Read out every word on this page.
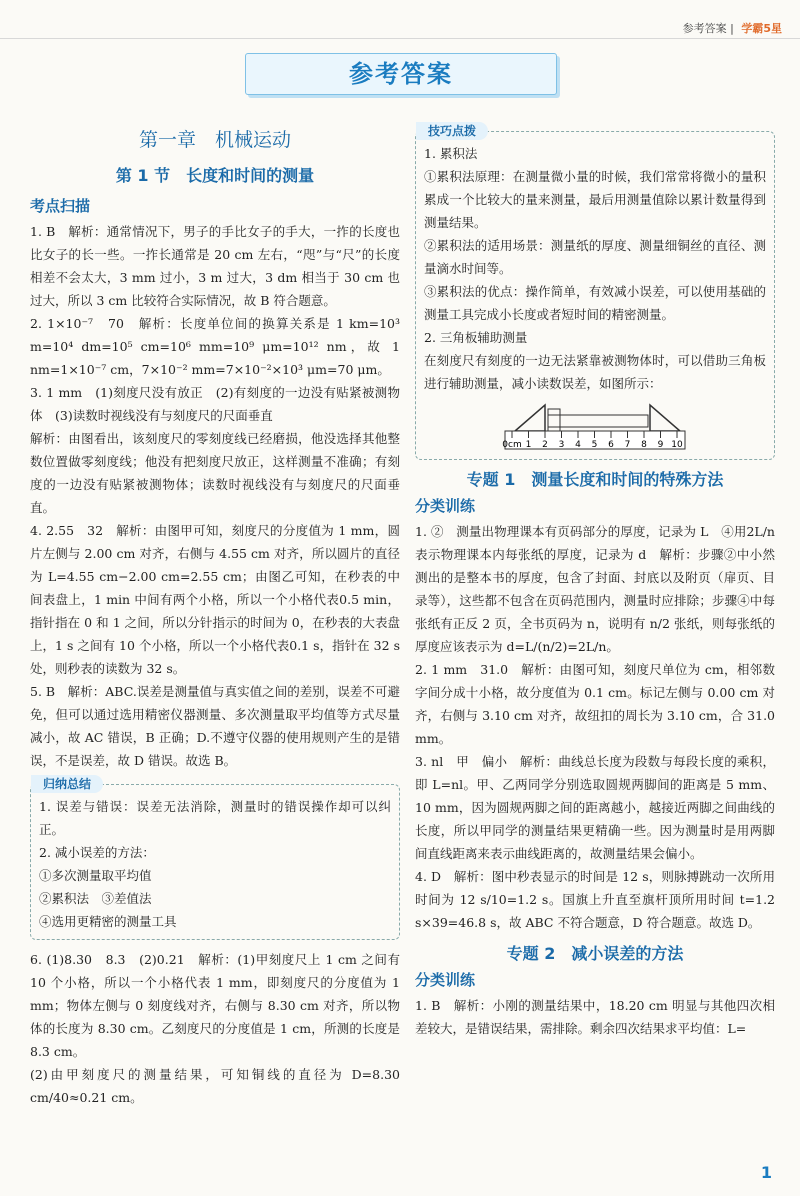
参考答案 | 学霸5星
参考答案
第一章　机械运动
第 1 节　长度和时间的测量
考点扫描

1. B　解析：通常情况下，男子的手比女子的手大，一拃的长度也比女子的长一些。一拃长通常是 20 cm 左右，“咫”与“尺”的长度相差不会太大，3 mm 过小，3 m 过大，3 dm 相当于 30 cm 也过大，所以 3 cm 比较符合实际情况，故 B 符合题意。

2. 1×10⁻⁷　70　解析：长度单位间的换算关系是 1 km=10³ m=10⁴ dm=10⁵ cm=10⁶ mm=10⁹ μm=10¹² nm，故 1 nm=1×10⁻⁷ cm，7×10⁻² mm=7×10⁻²×10³ μm=70 μm。

3. 1 mm　(1)刻度尺没有放正　(2)有刻度的一边没有贴紧被测物体　(3)读数时视线没有与刻度尺的尺面垂直

解析：由图看出，该刻度尺的零刻度线已经磨损，他没选择其他整数位置做零刻度线；他没有把刻度尺放正，这样测量不准确；有刻度的一边没有贴紧被测物体；读数时视线没有与刻度尺的尺面垂直。

4. 2.55　32　解析：由图甲可知，刻度尺的分度值为 1 mm，圆片左侧与 2.00 cm 对齐，右侧与 4.55 cm 对齐，所以圆片的直径为 L=4.55 cm−2.00 cm=2.55 cm；由图乙可知，在秒表的中间表盘上，1 min 中间有两个小格，所以一个小格代表0.5 min，指针指在 0 和 1 之间，所以分针指示的时间为 0，在秒表的大表盘上，1 s 之间有 10 个小格，所以一个小格代表0.1 s，指针在 32 s 处，则秒表的读数为 32 s。

5. B　解析：ABC.误差是测量值与真实值之间的差别，误差不可避免，但可以通过选用精密仪器测量、多次测量取平均值等方式尽量减小，故 AC 错误，B 正确；D.不遵守仪器的使用规则产生的是错误，不是误差，故 D 错误。故选 B。

归纳总结

1. 误差与错误：误差无法消除，测量时的错误操作却可以纠正。

2. 减小误差的方法：

①多次测量取平均值

②累积法　③差值法

④选用更精密的测量工具

6. (1)8.30　8.3　(2)0.21　解析：(1)甲刻度尺上 1 cm 之间有 10 个小格，所以一个小格代表 1 mm，即刻度尺的分度值为 1 mm；物体左侧与 0 刻度线对齐，右侧与 8.30 cm 对齐，所以物体的长度为 8.30 cm。乙刻度尺的分度值是 1 cm，所测的长度是 8.3 cm。

(2)由甲刻度尺的测量结果，可知铜线的直径为 D=8.30 cm/40≈0.21 cm。

技巧点拨

1. 累积法

①累积法原理：在测量微小量的时候，我们常常将微小的量积累成一个比较大的量来测量，最后用测量值除以累计数量得到测量结果。

②累积法的适用场景：测量纸的厚度、测量细铜丝的直径、测量滴水时间等。

③累积法的优点：操作简单，有效减小误差，可以使用基础的测量工具完成小长度或者短时间的精密测量。

2. 三角板辅助测量

在刻度尺有刻度的一边无法紧靠被测物体时，可以借助三角板进行辅助测量，减小读数误差，如图所示：

0cm 1 2 3 4 5 6 7 8 9 10
专题 1　测量长度和时间的特殊方法
分类训练

1. ②　测量出物理课本有页码部分的厚度，记录为 L　④用2L/n表示物理课本内每张纸的厚度，记录为 d　解析：步骤②中小然测出的是整本书的厚度，包含了封面、封底以及附页（扉页、目录等），这些都不包含在页码范围内，测量时应排除；步骤④中每张纸有正反 2 页，全书页码为 n，说明有 n/2 张纸，则每张纸的厚度应该表示为 d=L/(n/2)=2L/n。

2. 1 mm　31.0　解析：由图可知，刻度尺单位为 cm，相邻数字间分成十小格，故分度值为 0.1 cm。标记左侧与 0.00 cm 对齐，右侧与 3.10 cm 对齐，故纽扣的周长为 3.10 cm，合 31.0 mm。

3. nl　甲　偏小　解析：曲线总长度为段数与每段长度的乘积，即 L=nl。甲、乙两同学分别选取圆规两脚间的距离是 5 mm、10 mm，因为圆规两脚之间的距离越小，越接近两脚之间曲线的长度，所以甲同学的测量结果更精确一些。因为测量时是用两脚间直线距离来表示曲线距离的，故测量结果会偏小。

4. D　解析：图中秒表显示的时间是 12 s，则脉搏跳动一次所用时间为 12 s/10=1.2 s。国旗上升直至旗杆顶所用时间 t=1.2 s×39=46.8 s，故 ABC 不符合题意，D 符合题意。故选 D。

专题 2　减小误差的方法
分类训练

1. B　解析：小刚的测量结果中，18.20 cm 明显与其他四次相差较大，是错误结果，需排除。剩余四次结果求平均值：L=

1
